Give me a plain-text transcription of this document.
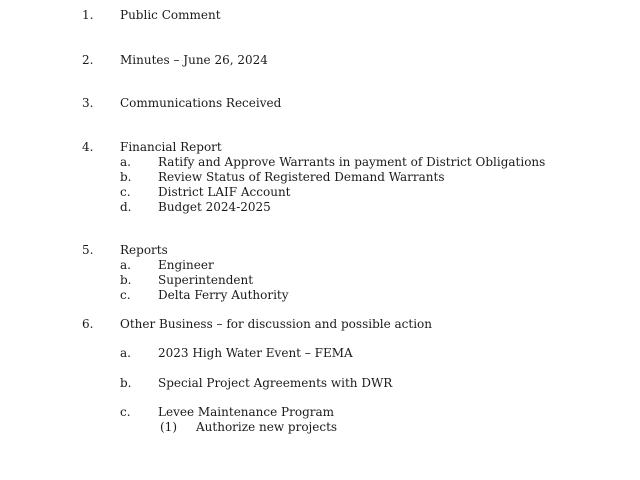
1. Public Comment
2. Minutes – June 26, 2024
3. Communications Received
4. Financial Report
a. Ratify and Approve Warrants in payment of District Obligations
b. Review Status of Registered Demand Warrants
c. District LAIF Account
d. Budget 2024-2025
5. Reports
a. Engineer
b. Superintendent
c. Delta Ferry Authority
6. Other Business – for discussion and possible action
a. 2023 High Water Event – FEMA
b. Special Project Agreements with DWR
c. Levee Maintenance Program
(1) Authorize new projects
